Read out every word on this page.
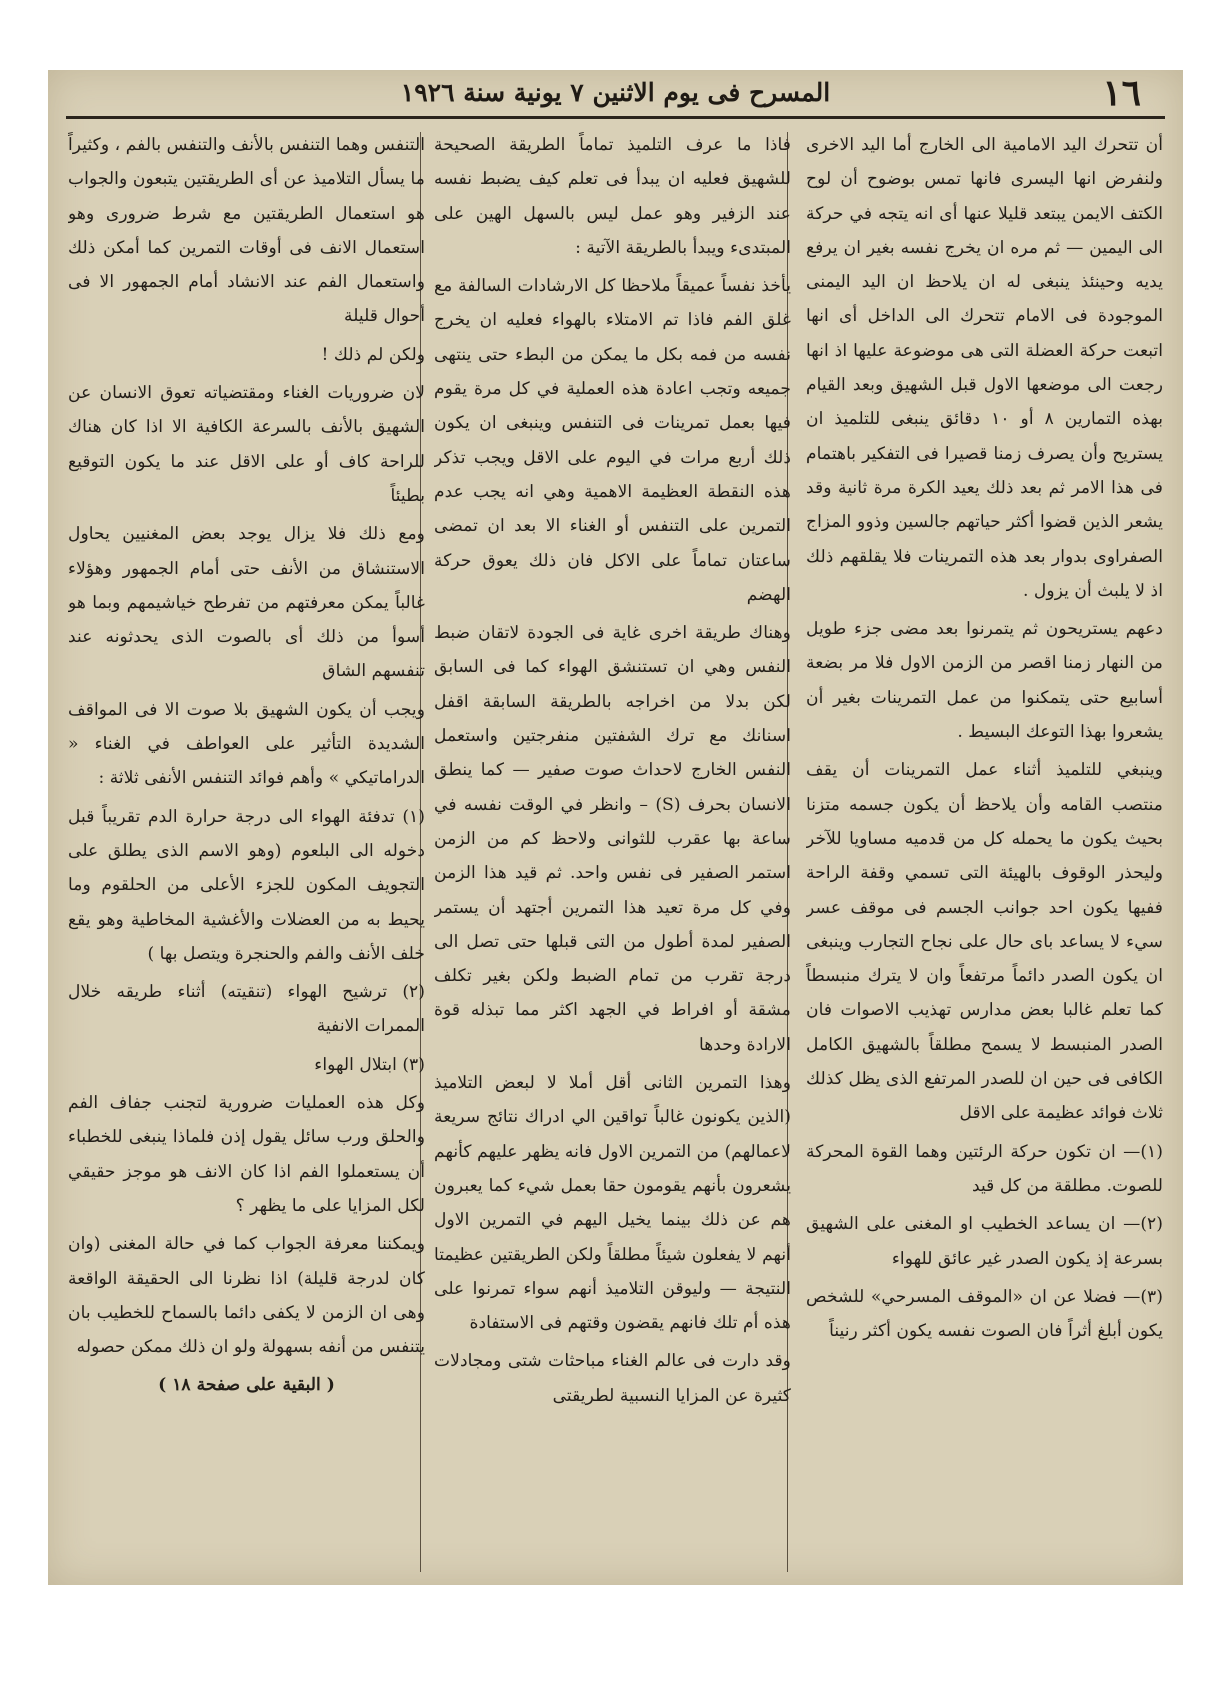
١٦
المسرح فى يوم الاثنين ٧ يونية سنة ١٩٢٦

أن تتحرك اليد الامامية الى الخارج أما اليد الاخرى ولنفرض انها اليسرى فانها تمس بوضوح أن لوح الكتف الايمن يبتعد قليلا عنها أى انه يتجه في حركة الى اليمين — ثم مره ان يخرج نفسه بغير ان يرفع يديه وحينئذ ينبغى له ان يلاحظ ان اليد اليمنى الموجودة فى الامام تتحرك الى الداخل أى انها اتبعت حركة العضلة التى هى موضوعة عليها اذ انها رجعت الى موضعها الاول قبل الشهيق وبعد القيام بهذه التمارين ٨ أو ١٠ دقائق ينبغى للتلميذ ان يستريح وأن يصرف زمنا قصيرا فى التفكير باهتمام فى هذا الامر ثم بعد ذلك يعيد الكرة مرة ثانية وقد يشعر الذين قضوا أكثر حياتهم جالسين وذوو المزاج الصفراوى بدوار بعد هذه التمرينات فلا يقلقهم ذلك اذ لا يلبث أن يزول .

دعهم يستريحون ثم يتمرنوا بعد مضى جزء طويل من النهار زمنا اقصر من الزمن الاول فلا مر بضعة أسابيع حتى يتمكنوا من عمل التمرينات بغير أن يشعروا بهذا التوعك البسيط .

وينبغي للتلميذ أثناء عمل التمرينات أن يقف منتصب القامه وأن يلاحظ أن يكون جسمه متزنا بحيث يكون ما يحمله كل من قدميه مساويا للآخر وليحذر الوقوف بالهيئة التى تسمي وقفة الراحة ففيها يكون احد جوانب الجسم فى موقف عسر سيء لا يساعد باى حال على نجاح التجارب وينبغى ان يكون الصدر دائماً مرتفعاً وان لا يترك منبسطاً كما تعلم غالبا بعض مدارس تهذيب الاصوات فان الصدر المنبسط لا يسمح مطلقاً بالشهيق الكامل الكافى فى حين ان للصدر المرتفع الذى يظل كذلك ثلاث فوائد عظيمة على الاقل

(١)— ان تكون حركة الرئتين وهما القوة المحركة للصوت. مطلقة من كل قيد

(٢)— ان يساعد الخطيب او المغنى على الشهيق بسرعة إذ يكون الصدر غير عائق للهواء

(٣)— فضلا عن ان «الموقف المسرحي» للشخص يكون أبلغ أثراً فان الصوت نفسه يكون أكثر رنيناً

فاذا ما عرف التلميذ تماماً الطريقة الصحيحة للشهيق فعليه ان يبدأ فى تعلم كيف يضبط نفسه عند الزفير وهو عمل ليس بالسهل الهين على المبتدىء ويبدأ بالطريقة الآتية :

يأخذ نفساً عميقاً ملاحظا كل الارشادات السالفة مع غلق الفم فاذا تم الامتلاء بالهواء فعليه ان يخرج نفسه من فمه بكل ما يمكن من البطء حتى ينتهى جميعه وتجب اعادة هذه العملية في كل مرة يقوم فيها بعمل تمرينات فى التنفس وينبغى ان يكون ذلك أربع مرات في اليوم على الاقل ويجب تذكر هذه النقطة العظيمة الاهمية وهي انه يجب عدم التمرين على التنفس أو الغناء الا بعد ان تمضى ساعتان تماماً على الاكل فان ذلك يعوق حركة الهضم

وهناك طريقة اخرى غاية فى الجودة لاتقان ضبط النفس وهي ان تستنشق الهواء كما فى السابق لكن بدلا من اخراجه بالطريقة السابقة اقفل اسنانك مع ترك الشفتين منفرجتين واستعمل النفس الخارج لاحداث صوت صفير — كما ينطق الانسان بحرف (S) – وانظر في الوقت نفسه في ساعة بها عقرب للثوانى ولاحظ كم من الزمن استمر الصفير فى نفس واحد. ثم قيد هذا الزمن وفي كل مرة تعيد هذا التمرين أجتهد أن يستمر الصفير لمدة أطول من التى قبلها حتى تصل الى درجة تقرب من تمام الضبط ولكن بغير تكلف مشقة أو افراط في الجهد اكثر مما تبذله قوة الارادة وحدها

وهذا التمرين الثانى أقل أملا لا لبعض التلاميذ (الذين يكونون غالباً تواقين الي ادراك نتائج سريعة لاعمالهم) من التمرين الاول فانه يظهر عليهم كأنهم يشعرون بأنهم يقومون حقا بعمل شيء كما يعبرون هم عن ذلك بينما يخيل اليهم في التمرين الاول أنهم لا يفعلون شيئاً مطلقاً ولكن الطريقتين عظيمتا النتيجة — وليوقن التلاميذ أنهم سواء تمرنوا على هذه أم تلك فانهم يقضون وقتهم فى الاستفادة

وقد دارت فى عالم الغناء مباحثات شتى ومجادلات كثيرة عن المزايا النسبية لطريقتى

التنفس وهما التنفس بالأنف والتنفس بالفم ، وكثيراً ما يسأل التلاميذ عن أى الطريقتين يتبعون والجواب هو استعمال الطريقتين مع شرط ضرورى وهو استعمال الانف فى أوقات التمرين كما أمكن ذلك واستعمال الفم عند الانشاد أمام الجمهور الا فى أحوال قليلة

ولكن لم ذلك !

لان ضروريات الغناء ومقتضياته تعوق الانسان عن الشهيق بالأنف بالسرعة الكافية الا اذا كان هناك للراحة كاف أو على الاقل عند ما يكون التوقيع بطيئاً

ومع ذلك فلا يزال يوجد بعض المغنيين يحاول الاستنشاق من الأنف حتى أمام الجمهور وهؤلاء غالباً يمكن معرفتهم من تفرطح خياشيمهم وبما هو أسوأ من ذلك أى بالصوت الذى يحدثونه عند تنفسهم الشاق

ويجب أن يكون الشهيق بلا صوت الا فى المواقف الشديدة التأثير على العواطف في الغناء « الدراماتيكي » وأهم فوائد التنفس الأنفى ثلاثة :

(١) تدفئة الهواء الى درجة حرارة الدم تقريباً قبل دخوله الى البلعوم (وهو الاسم الذى يطلق على التجويف المكون للجزء الأعلى من الحلقوم وما يحيط به من العضلات والأغشية المخاطية وهو يقع خلف الأنف والفم والحنجرة ويتصل بها )

(٢) ترشيح الهواء (تنقيته) أثناء طريقه خلال الممرات الانفية

(٣) ابتلال الهواء

وكل هذه العمليات ضرورية لتجنب جفاف الفم والحلق ورب سائل يقول إذن فلماذا ينبغى للخطباء أن يستعملوا الفم اذا كان الانف هو موجز حقيقي لكل المزايا على ما يظهر ؟

ويمكننا معرفة الجواب كما في حالة المغنى (وان كان لدرجة قليلة) اذا نظرنا الى الحقيقة الواقعة وهى ان الزمن لا يكفى دائما بالسماح للخطيب بان يتنفس من أنفه بسهولة ولو ان ذلك ممكن حصوله

( البقية على صفحة ١٨ )
